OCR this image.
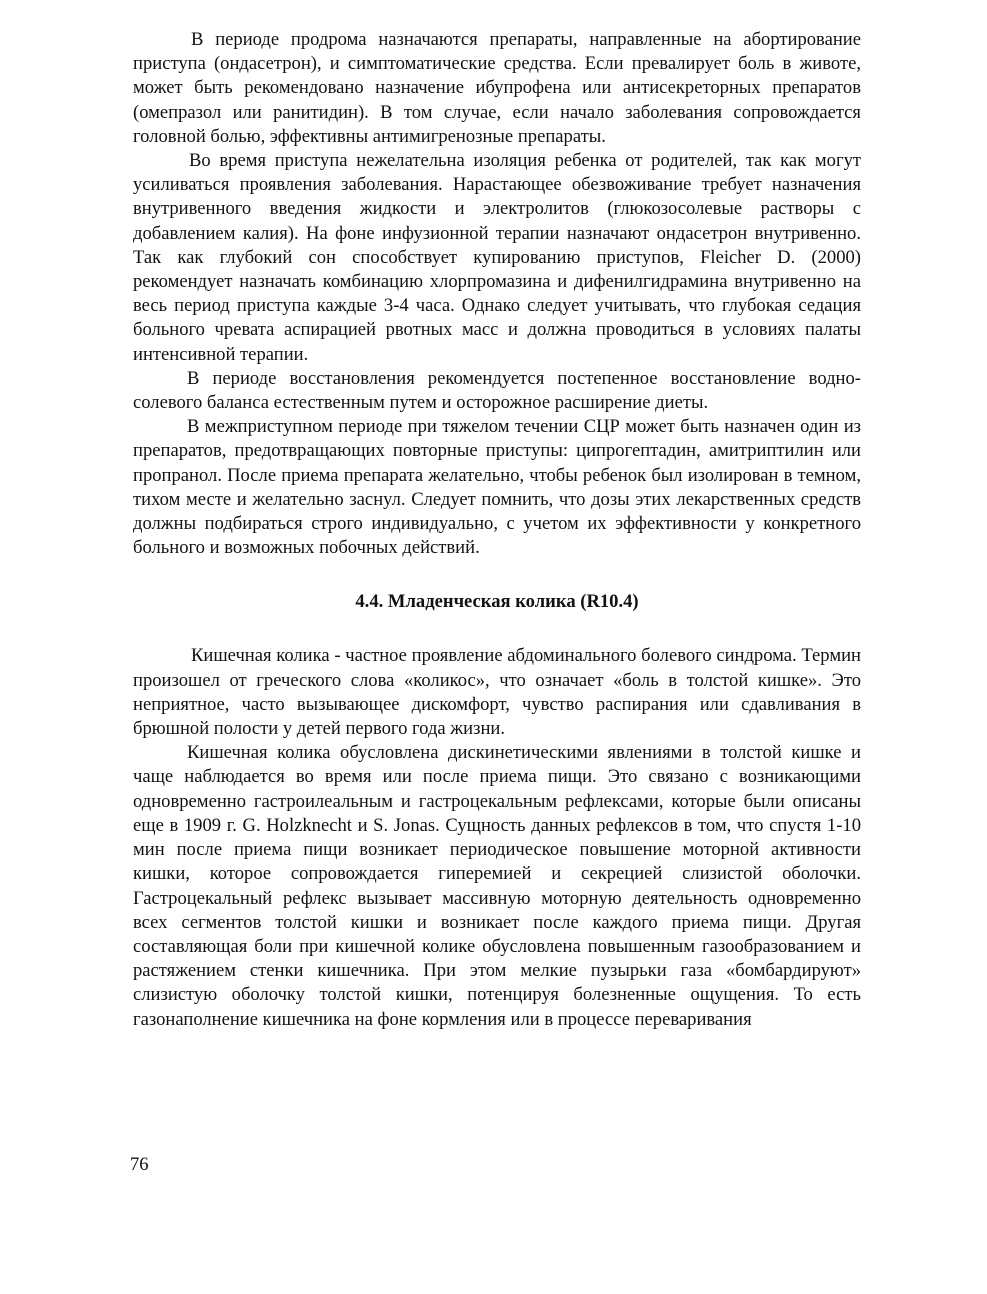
В периоде продрома назначаются препараты, направленные на абортирование приступа (ондасетрон), и симптоматические средства. Если превалирует боль в животе, может быть рекомендовано назначение ибупрофена или антисекреторных препаратов (омепразол или ранитидин). В том случае, если начало заболевания сопровождается головной болью, эффективны антимигренозные препараты.

Во время приступа нежелательна изоляция ребенка от родителей, так как могут усиливаться проявления заболевания. Нарастающее обезвоживание требует назначения внутривенного введения жидкости и электролитов (глюкозосолевые растворы с добавлением калия). На фоне инфузионной терапии назначают ондасетрон внутривенно. Так как глубокий сон способствует купированию приступов, Fleicher D. (2000) рекомендует назначать комбинацию хлорпромазина и дифенилгидрамина внутривенно на весь период приступа каждые 3-4 часа. Однако следует учитывать, что глубокая седация больного чревата аспирацией рвотных масс и должна проводиться в условиях палаты интенсивной терапии.

В периоде восстановления рекомендуется постепенное восстановление водно-солевого баланса естественным путем и осторожное расширение диеты.

В межприступном периоде при тяжелом течении СЦР может быть назначен один из препаратов, предотвращающих повторные приступы: ципрогептадин, амитриптилин или пропранол. После приема препарата желательно, чтобы ребенок был изолирован в темном, тихом месте и желательно заснул. Следует помнить, что дозы этих лекарственных средств должны подбираться строго индивидуально, с учетом их эффективности у конкретного больного и возможных побочных действий.

4.4. Младенческая колика (R10.4)

Кишечная колика - частное проявление абдоминального болевого синдрома. Термин произошел от греческого слова «коликос», что означает «боль в толстой кишке». Это неприятное, часто вызывающее дискомфорт, чувство распирания или сдавливания в брюшной полости у детей первого года жизни.

Кишечная колика обусловлена дискинетическими явлениями в толстой кишке и чаще наблюдается во время или после приема пищи. Это связано с возникающими одновременно гастроилеальным и гастроцекальным рефлексами, которые были описаны еще в 1909 г. G. Holzknecht и S. Jonas. Сущность данных рефлексов в том, что спустя 1-10 мин после приема пищи возникает периодическое повышение моторной активности кишки, которое сопровождается гиперемией и секрецией слизистой оболочки. Гастроцекальный рефлекс вызывает массивную моторную деятельность одновременно всех сегментов толстой кишки и возникает после каждого приема пищи. Другая составляющая боли при кишечной колике обусловлена повышенным газообразованием и растяжением стенки кишечника. При этом мелкие пузырьки газа «бомбардируют» слизистую оболочку толстой кишки, потенцируя болезненные ощущения. То есть газонаполнение кишечника на фоне кормления или в процессе переваривания

76
